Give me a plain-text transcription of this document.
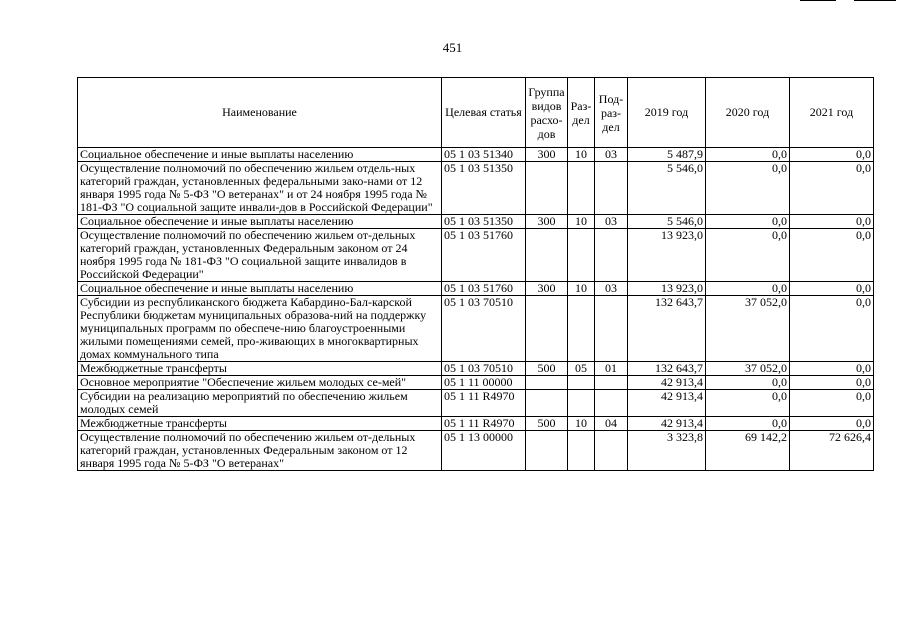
451
Наименование	Целевая статья	Группа видов расхо- дов	Раз- дел	Под- раз- дел	2019 год	2020 год	2021 год
Социальное обеспечение и иные выплаты населению	05 1 03 51340	300	10	03	5 487,9	0,0	0,0
Осуществление полномочий по обеспечению жильем отдель-ных категорий граждан, установленных федеральными зако-нами от 12 января 1995 года № 5-ФЗ "О ветеранах" и от 24 ноября 1995 года № 181-ФЗ "О социальной защите инвали-дов в Российской Федерации"	05 1 03 51350				5 546,0	0,0	0,0
Социальное обеспечение и иные выплаты населению	05 1 03 51350	300	10	03	5 546,0	0,0	0,0
Осуществление полномочий по обеспечению жильем от-дельных категорий граждан, установленных Федеральным законом от 24 ноября 1995 года № 181-ФЗ "О социальной защите инвалидов в Российской Федерации"	05 1 03 51760				13 923,0	0,0	0,0
Социальное обеспечение и иные выплаты населению	05 1 03 51760	300	10	03	13 923,0	0,0	0,0
Субсидии из республиканского бюджета Кабардино-Бал-карской Республики бюджетам муниципальных образова-ний на поддержку муниципальных программ по обеспече-нию благоустроенными жилыми помещениями семей, про-живающих в многоквартирных домах коммунального типа	05 1 03 70510				132 643,7	37 052,0	0,0
Межбюджетные трансферты	05 1 03 70510	500	05	01	132 643,7	37 052,0	0,0
Основное мероприятие "Обеспечение жильем молодых се-мей"	05 1 11 00000				42 913,4	0,0	0,0
Субсидии на реализацию мероприятий по обеспечению жильем молодых семей	05 1 11 R4970				42 913,4	0,0	0,0
Межбюджетные трансферты	05 1 11 R4970	500	10	04	42 913,4	0,0	0,0
Осуществление полномочий по обеспечению жильем от-дельных категорий граждан, установленных Федеральным законом от 12 января 1995 года № 5-ФЗ "О ветеранах"	05 1 13 00000				3 323,8	69 142,2	72 626,4
